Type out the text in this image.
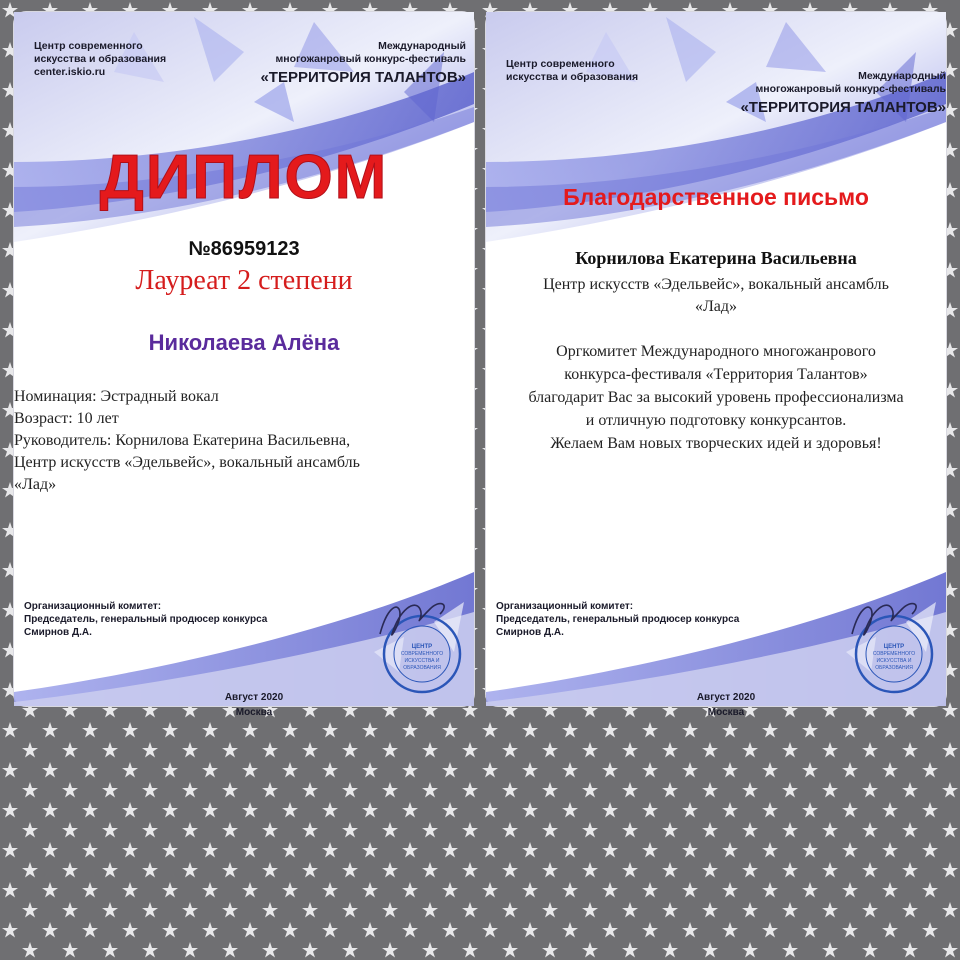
Центр современного
искусства и образования
center.iskio.ru
Международный
многожанровый конкурс-фестиваль
«ТЕРРИТОРИЯ ТАЛАНТОВ»
ДИПЛОМ
№86959123
Лауреат 2 степени
Николаева Алёна
Номинация: Эстрадный вокал
Возраст: 10 лет
Руководитель: Корнилова Екатерина Васильевна,
Центр искусств «Эдельвейс», вокальный ансамбль
«Лад»
Организационный комитет:
Председатель, генеральный продюсер конкурса
Смирнов Д.А.
ЦЕНТР
СОВРЕМЕННОГО
ИСКУССТВА И
ОБРАЗОВАНИЯ
Август 2020
Москва
Центр современного
искусства и образования	Международный
многожанровый конкурс-фестиваль
«ТЕРРИТОРИЯ ТАЛАНТОВ»
Благодарственное письмо
Корнилова Екатерина Васильевна
Центр искусств «Эдельвейс», вокальный ансамбль
«Лад»
Оргкомитет Международного многожанрового
конкурса-фестиваля «Территория Талантов»
благодарит Вас за высокий уровень профессионализма
и отличную подготовку конкурсантов.
Желаем Вам новых творческих идей и здоровья!
Организационный комитет:
Председатель, генеральный продюсер конкурса
Смирнов Д.А.
ЦЕНТР
СОВРЕМЕННОГО
ИСКУССТВА И
ОБРАЗОВАНИЯ
Август 2020
Москва
